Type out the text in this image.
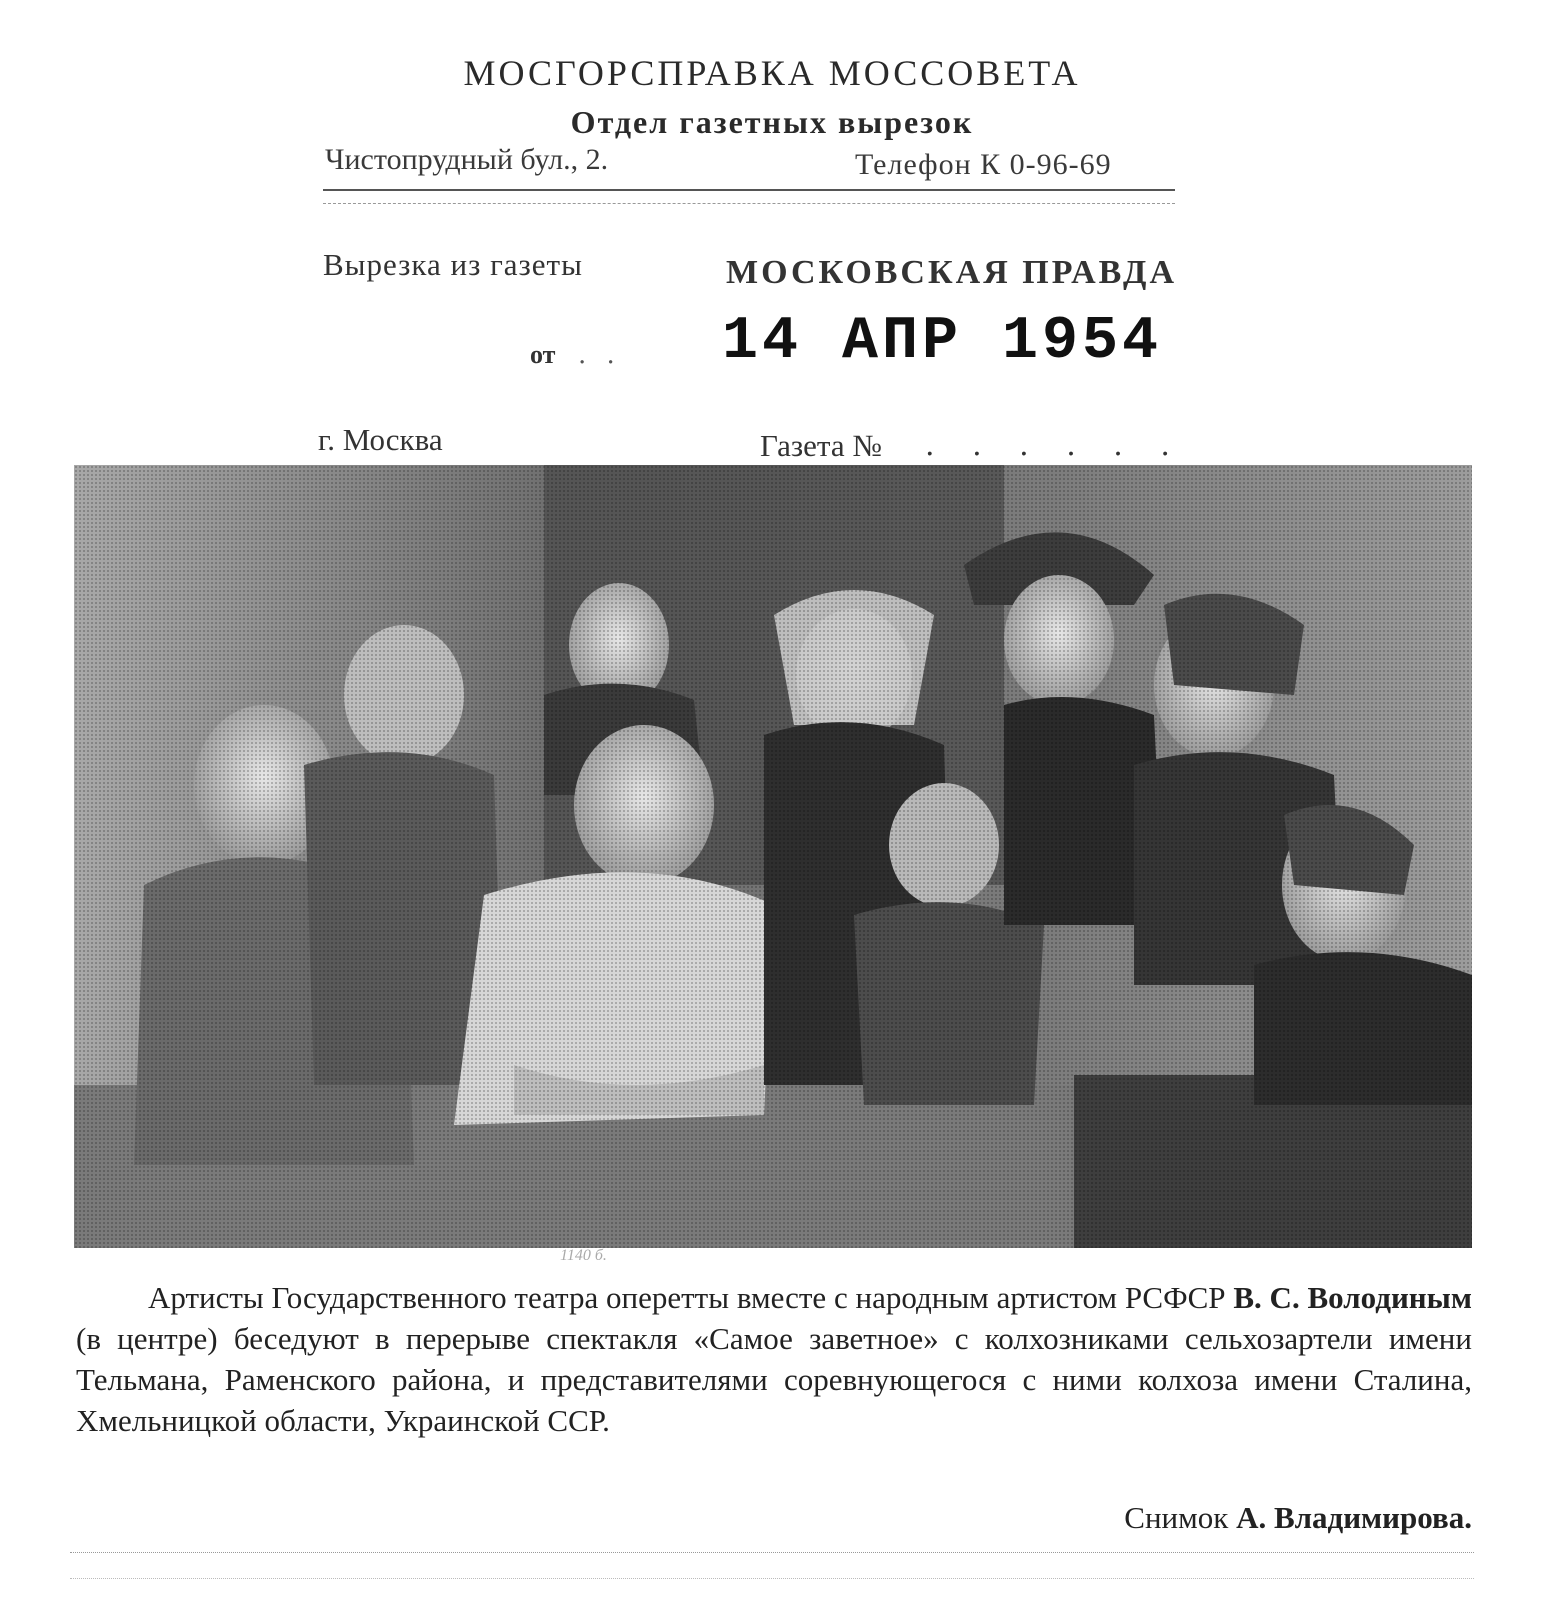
МОСГОРСПРАВКА МОССОВЕТА
Отдел газетных вырезок
Чистопрудный бул., 2.	Телефон К 0-96-69
Вырезка из газеты	МОСКОВСКАЯ ПРАВДА
от . . 14 АПР 1954
г. Москва	Газета № . . . . . .
1140 б.

Артисты Государственного театра оперетты вместе с народным артистом РСФСР В. С. Володиным (в центре) беседуют в перерыве спектакля «Самое заветное» с колхозниками сельхозартели имени Тельмана, Раменского района, и представителями соревнующегося с ними колхоза имени Сталина, Хмельницкой области, Украинской ССР.

Снимок А. Владимирова.
